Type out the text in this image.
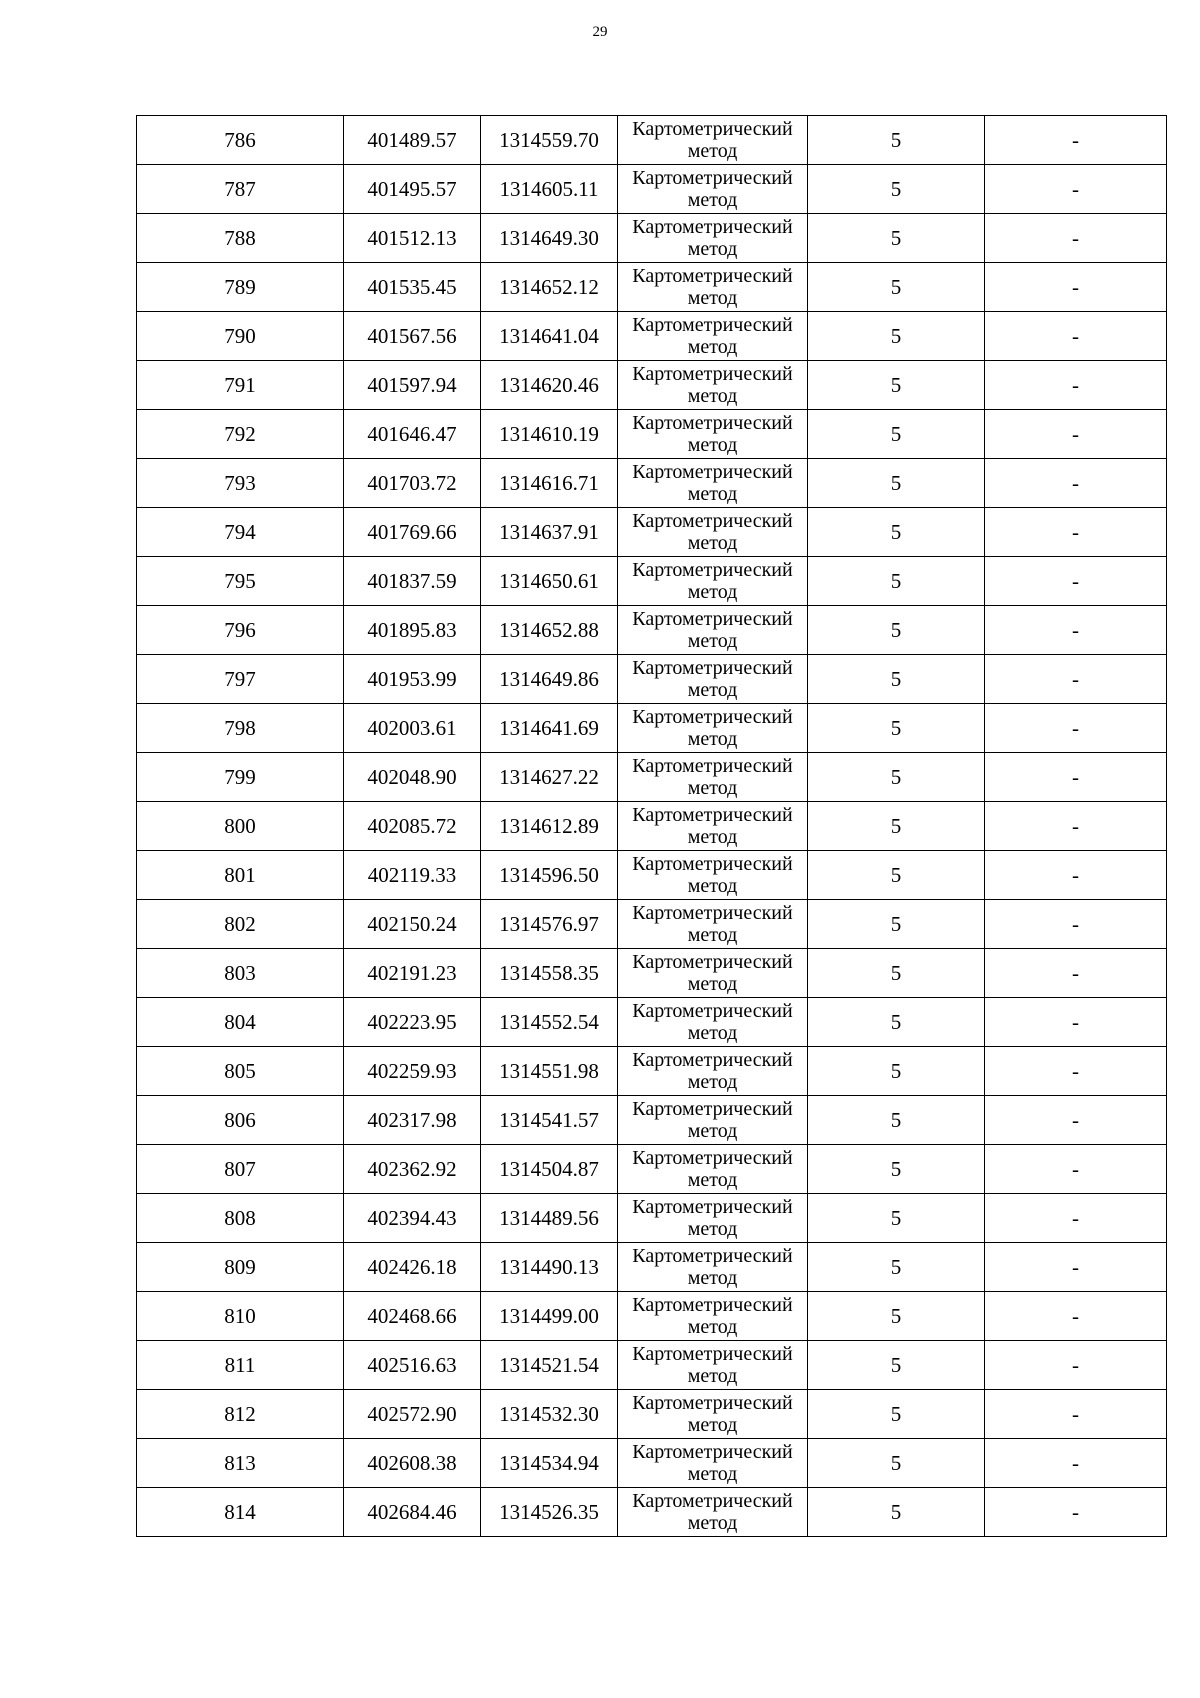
29
786	401489.57	1314559.70	Картометрический
метод	5	-
787	401495.57	1314605.11	Картометрический
метод	5	-
788	401512.13	1314649.30	Картометрический
метод	5	-
789	401535.45	1314652.12	Картометрический
метод	5	-
790	401567.56	1314641.04	Картометрический
метод	5	-
791	401597.94	1314620.46	Картометрический
метод	5	-
792	401646.47	1314610.19	Картометрический
метод	5	-
793	401703.72	1314616.71	Картометрический
метод	5	-
794	401769.66	1314637.91	Картометрический
метод	5	-
795	401837.59	1314650.61	Картометрический
метод	5	-
796	401895.83	1314652.88	Картометрический
метод	5	-
797	401953.99	1314649.86	Картометрический
метод	5	-
798	402003.61	1314641.69	Картометрический
метод	5	-
799	402048.90	1314627.22	Картометрический
метод	5	-
800	402085.72	1314612.89	Картометрический
метод	5	-
801	402119.33	1314596.50	Картометрический
метод	5	-
802	402150.24	1314576.97	Картометрический
метод	5	-
803	402191.23	1314558.35	Картометрический
метод	5	-
804	402223.95	1314552.54	Картометрический
метод	5	-
805	402259.93	1314551.98	Картометрический
метод	5	-
806	402317.98	1314541.57	Картометрический
метод	5	-
807	402362.92	1314504.87	Картометрический
метод	5	-
808	402394.43	1314489.56	Картометрический
метод	5	-
809	402426.18	1314490.13	Картометрический
метод	5	-
810	402468.66	1314499.00	Картометрический
метод	5	-
811	402516.63	1314521.54	Картометрический
метод	5	-
812	402572.90	1314532.30	Картометрический
метод	5	-
813	402608.38	1314534.94	Картометрический
метод	5	-
814	402684.46	1314526.35	Картометрический
метод	5	-
